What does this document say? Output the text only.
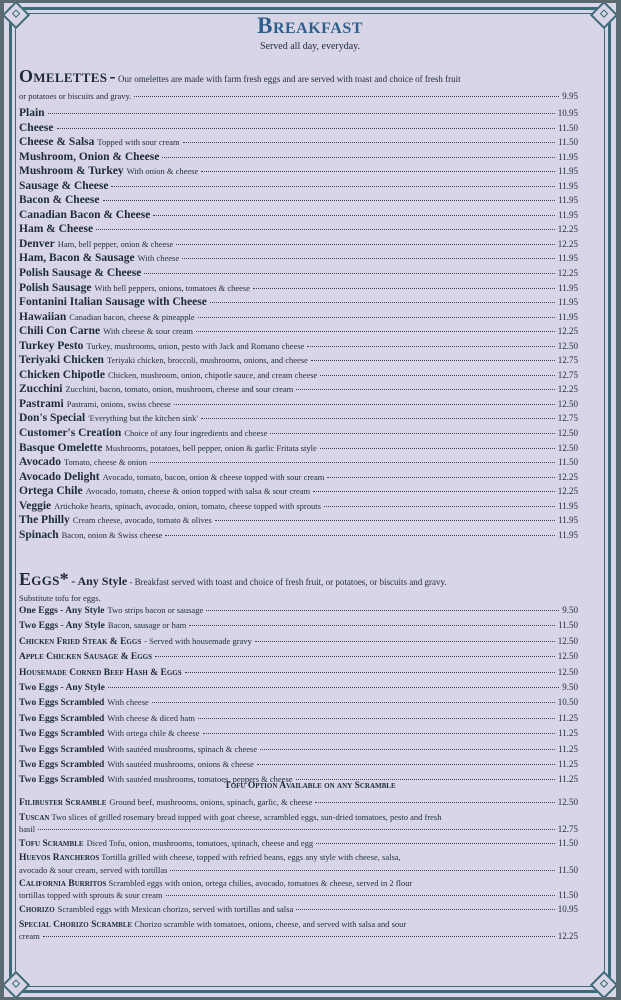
Breakfast
Served all day, everyday.
Omelettes - Our omelettes are made with farm fresh eggs and are served with toast and choice of fresh fruit
or potatoes or biscuits and gravy.	9.95
Plain	10.95
Cheese	11.50
Cheese & Salsa Topped with sour cream	11.50
Mushroom, Onion & Cheese	11.95
Mushroom & Turkey With onion & cheese	11.95
Sausage & Cheese	11.95
Bacon & Cheese	11.95
Canadian Bacon & Cheese	11.95
Ham & Cheese	12.25
Denver Ham, bell pepper, onion & cheese	12.25
Ham, Bacon & Sausage With cheese	11.95
Polish Sausage & Cheese	12.25
Polish Sausage With bell peppers, onions, tomatoes & cheese	11.95
Fontanini Italian Sausage with Cheese	11.95
Hawaiian Canadian bacon, cheese & pineapple	11.95
Chili Con Carne With cheese & sour cream	12.25
Turkey Pesto Turkey, mushrooms, onion, pesto with Jack and Romano cheese	12.50
Teriyaki Chicken Teriyaki chicken, broccoli, mushrooms, onions, and cheese	12.75
Chicken Chipotle Chicken, mushroom, onion, chipotle sauce, and cream cheese	12.75
Zucchini Zucchini, bacon, tomato, onion, mushroom, cheese and sour cream	12.25
Pastrami Pastrami, onions, swiss cheese	12.50
Don's Special 'Everything but the kitchen sink'	12.75
Customer's Creation Choice of any four ingredients and cheese	12.50
Basque Omelette Mushrooms, potatoes, bell pepper, onion & garlic Fritata style	12.50
Avocado Tomato, cheese & onion	11.50
Avocado Delight Avocado, tomato, bacon, onion & cheese topped with sour cream	12.25
Ortega Chile Avocado, tomato, cheese & onion topped with salsa & sour cream	12.25
Veggie Artichoke hearts, spinach, avocado, onion, tomato, cheese topped with sprouts	11.95
The Philly Cream cheese, avocado, tomato & olives	11.95
Spinach Bacon, onion & Swiss cheese	11.95
Eggs* - Any Style - Breakfast served with toast and choice of fresh fruit, or potatoes, or biscuits and gravy.
Substitute tofu for eggs.
One Eggs - Any Style Two strips bacon or sausage	9.50
Two Eggs - Any Style Bacon, sausage or ham	11.50
Chicken Fried Steak & Eggs - Served with housemade gravy	12.50
Apple Chicken Sausage & Eggs	12.50
Housemade Corned Beef Hash & Eggs	12.50
Two Eggs - Any Style	9.50
Two Eggs Scrambled With cheese	10.50
Two Eggs Scrambled With cheese & diced ham	11.25
Two Eggs Scrambled With ortega chile & cheese	11.25
Two Eggs Scrambled With sautéed mushrooms, spinach & cheese	11.25
Two Eggs Scrambled With sautéed mushrooms, onions & cheese	11.25
Two Eggs Scrambled With sautéed mushrooms, tomatoes, peppers & cheese	11.25
Tofu Option Available on any Scramble
Filibuster Scramble Ground beef, mushrooms, onions, spinach, garlic, & cheese	12.50
Tuscan Two slices of grilled rosemary bread topped with goat cheese, scrambled eggs, sun-dried tomatoes, pesto and fresh
basil	12.75
Tofu Scramble Diced Tofu, onion, mushrooms, tomatoes, spinach, cheese and egg	11.50
Huevos Rancheros Tortilla grilled with cheese, topped with refried beans, eggs any style with cheese, salsa,
avocado & sour cream, served with tortillas	11.50
California Burritos Scrambled eggs with onion, ortega chilies, avocado, tomatoes & cheese, served in 2 flour
tortillas topped with sprouts & sour cream	11.50
Chorizo Scrambled eggs with Mexican chorizo, served with tortillas and salsa	10.95
Special Chorizo Scramble Chorizo scramble with tomatoes, onions, cheese, and served with salsa and sour
cream	12.25
